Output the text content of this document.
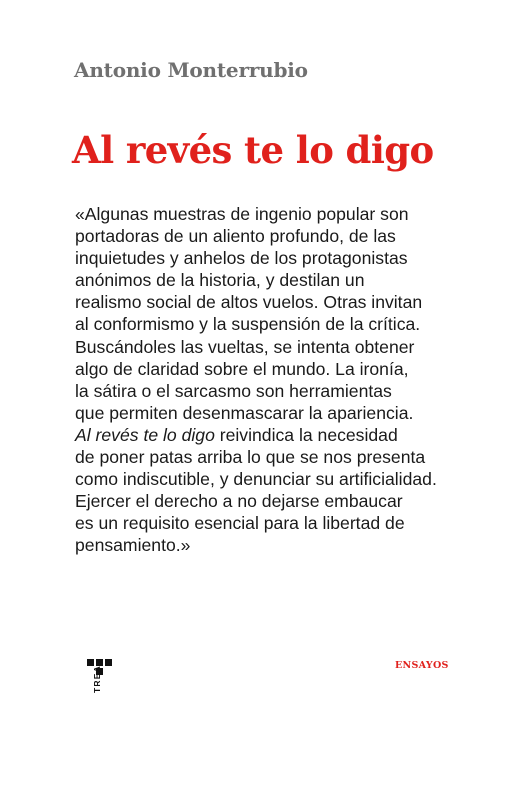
Antonio Monterrubio
Al revés te lo digo
«Algunas muestras de ingenio popular son
portadoras de un aliento profundo, de las
inquietudes y anhelos de los protagonistas
anónimos de la historia, y destilan un
realismo social de altos vuelos. Otras invitan
al conformismo y la suspensión de la crítica.
Buscándoles las vueltas, se intenta obtener
algo de claridad sobre el mundo. La ironía,
la sátira o el sarcasmo son herramientas
que permiten desenmascarar la apariencia.
Al revés te lo digo reivindica la necesidad
de poner patas arriba lo que se nos presenta
como indiscutible, y denunciar su artificialidad.
Ejercer el derecho a no dejarse embaucar
es un requisito esencial para la libertad de
pensamiento.»
TREA	ENSAYOS
